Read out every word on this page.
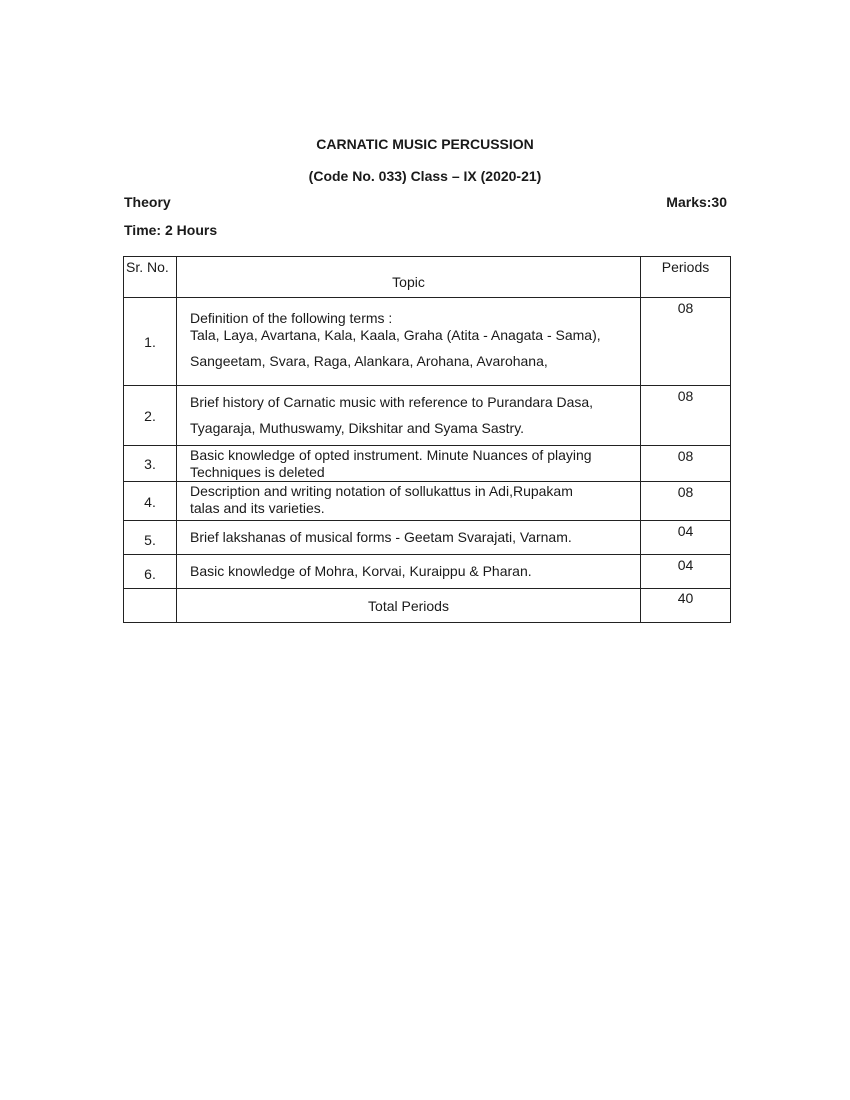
CARNATIC MUSIC PERCUSSION
(Code No. 033) Class – IX (2020-21)
Theory	Marks:30
Time: 2 Hours
Sr. No.	Topic	Periods
1.	Definition of the following terms :
Tala, Laya, Avartana, Kala, Kaala, Graha (Atita - Anagata - Sama),
Sangeetam, Svara, Raga, Alankara, Arohana, Avarohana,	08
2.	Brief history of Carnatic music with reference to Purandara Dasa,
Tyagaraja, Muthuswamy, Dikshitar and Syama Sastry.	08
3.	Basic knowledge of opted instrument. Minute Nuances of playing
Techniques is deleted	08
4.	Description and writing notation of sollukattus in Adi,Rupakam
talas and its varieties.	08
5.	Brief lakshanas of musical forms - Geetam Svarajati, Varnam.	04
6.	Basic knowledge of Mohra, Korvai, Kuraippu & Pharan.	04
	Total Periods	40
